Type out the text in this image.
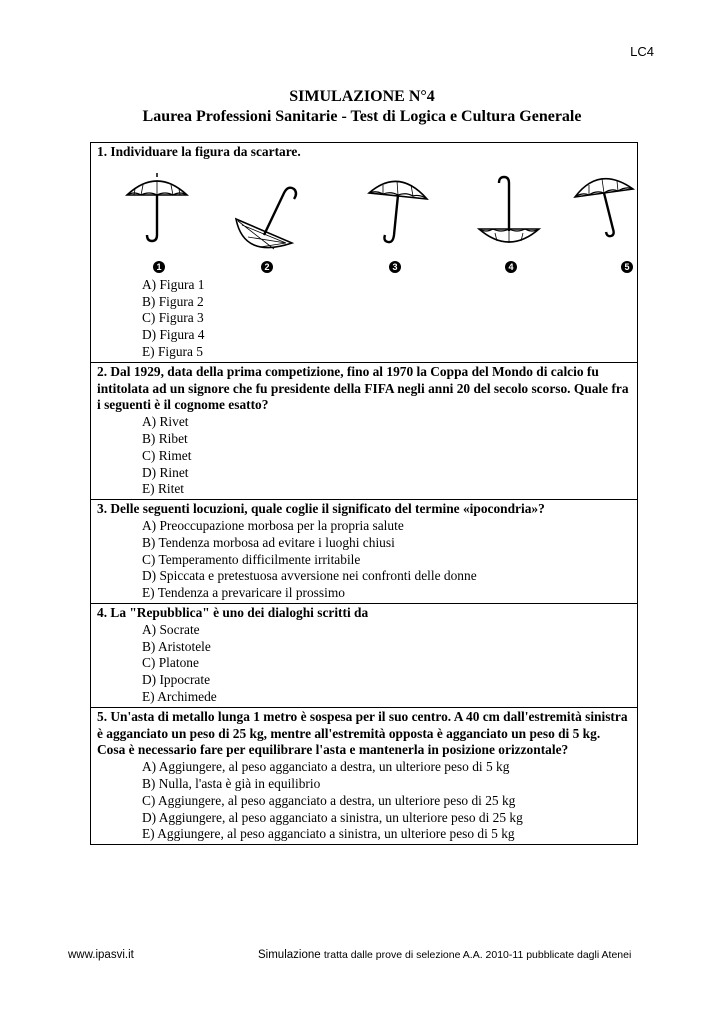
LC4
SIMULAZIONE N°4
Laurea Professioni Sanitarie - Test di Logica e Cultura Generale
1. Individuare la figura da scartare.
1	2	3	4	5
A) Figura 1
B) Figura 2
C) Figura 3
D) Figura 4
E) Figura 5
2. Dal 1929, data della prima competizione, fino al 1970 la Coppa del Mondo di calcio fu intitolata ad un signore che fu presidente della FIFA negli anni 20 del secolo scorso. Quale fra i seguenti è il cognome esatto?
A) Rivet
B) Ribet
C) Rimet
D) Rinet
E) Ritet
3. Delle seguenti locuzioni, quale coglie il significato del termine «ipocondria»?
A) Preoccupazione morbosa per la propria salute
B) Tendenza morbosa ad evitare i luoghi chiusi
C) Temperamento difficilmente irritabile
D) Spiccata e pretestuosa avversione nei confronti delle donne
E) Tendenza a prevaricare il prossimo
4. La "Repubblica" è uno dei dialoghi scritti da
A) Socrate
B) Aristotele
C) Platone
D) Ippocrate
E) Archimede
5. Un'asta di metallo lunga 1 metro è sospesa per il suo centro. A 40 cm dall'estremità sinistra è agganciato un peso di 25 kg, mentre all'estremità opposta è agganciato un peso di 5 kg. Cosa è necessario fare per equilibrare l'asta e mantenerla in posizione orizzontale?
A) Aggiungere, al peso agganciato a destra, un ulteriore peso di 5 kg
B) Nulla, l'asta è già in equilibrio
C) Aggiungere, al peso agganciato a destra, un ulteriore peso di 25 kg
D) Aggiungere, al peso agganciato a sinistra, un ulteriore peso di 25 kg
E) Aggiungere, al peso agganciato a sinistra, un ulteriore peso di 5 kg
www.ipasvi.it	Simulazione tratta dalle prove di selezione A.A. 2010-11 pubblicate dagli Atenei
